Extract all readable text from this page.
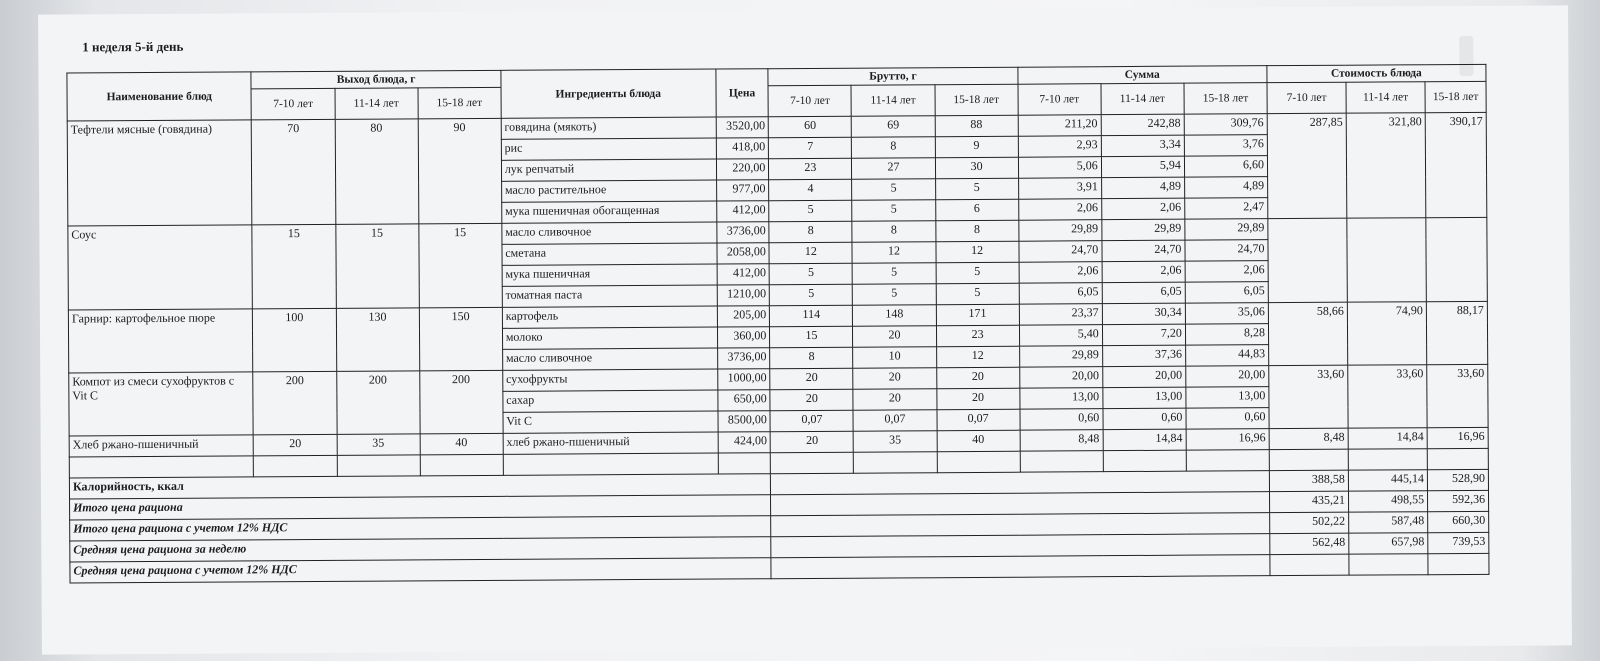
1 неделя 5-й день
Наименование блюд	Выход блюда, г			Ингредиенты блюда	Цена	Брутто, г			Сумма			Стоимость блюда		
	7-10 лет	11-14 лет	15-18 лет			7-10 лет	11-14 лет	15-18 лет	7-10 лет	11-14 лет	15-18 лет	7-10 лет	11-14 лет	15-18 лет
Тефтели мясные (говядина)	70	80	90	говядина (мякоть)	3520,00	60	69	88	211,20	242,88	309,76	287,85	321,80	390,17
				рис	418,00	7	8	9	2,93	3,34	3,76			
				лук репчатый	220,00	23	27	30	5,06	5,94	6,60			
				масло растительное	977,00	4	5	5	3,91	4,89	4,89			
				мука пшеничная обогащенная	412,00	5	5	6	2,06	2,06	2,47			
Соус	15	15	15	масло сливочное	3736,00	8	8	8	29,89	29,89	29,89			
				сметана	2058,00	12	12	12	24,70	24,70	24,70			
				мука пшеничная	412,00	5	5	5	2,06	2,06	2,06			
				томатная паста	1210,00	5	5	5	6,05	6,05	6,05			
Гарнир: картофельное пюре	100	130	150	картофель	205,00	114	148	171	23,37	30,34	35,06	58,66	74,90	88,17
				молоко	360,00	15	20	23	5,40	7,20	8,28			
				масло сливочное	3736,00	8	10	12	29,89	37,36	44,83			
Компот из смеси сухофруктов с Vit C	200	200	200	сухофрукты	1000,00	20	20	20	20,00	20,00	20,00	33,60	33,60	33,60
				сахар	650,00	20	20	20	13,00	13,00	13,00			
				Vit C	8500,00	0,07	0,07	0,07	0,60	0,60	0,60			
Хлеб ржано-пшеничный	20	35	40	хлеб ржано-пшеничный	424,00	20	35	40	8,48	14,84	16,96	8,48	14,84	16,96

Калорийность, ккал												388,58	445,14	528,90
Итого цена рациона												435,21	498,55	592,36
Итого цена рациона с учетом 12% НДС												502,22	587,48	660,30
Средняя цена рациона за неделю												562,48	657,98	739,53
Средняя цена рациона с учетом 12% НДС														
